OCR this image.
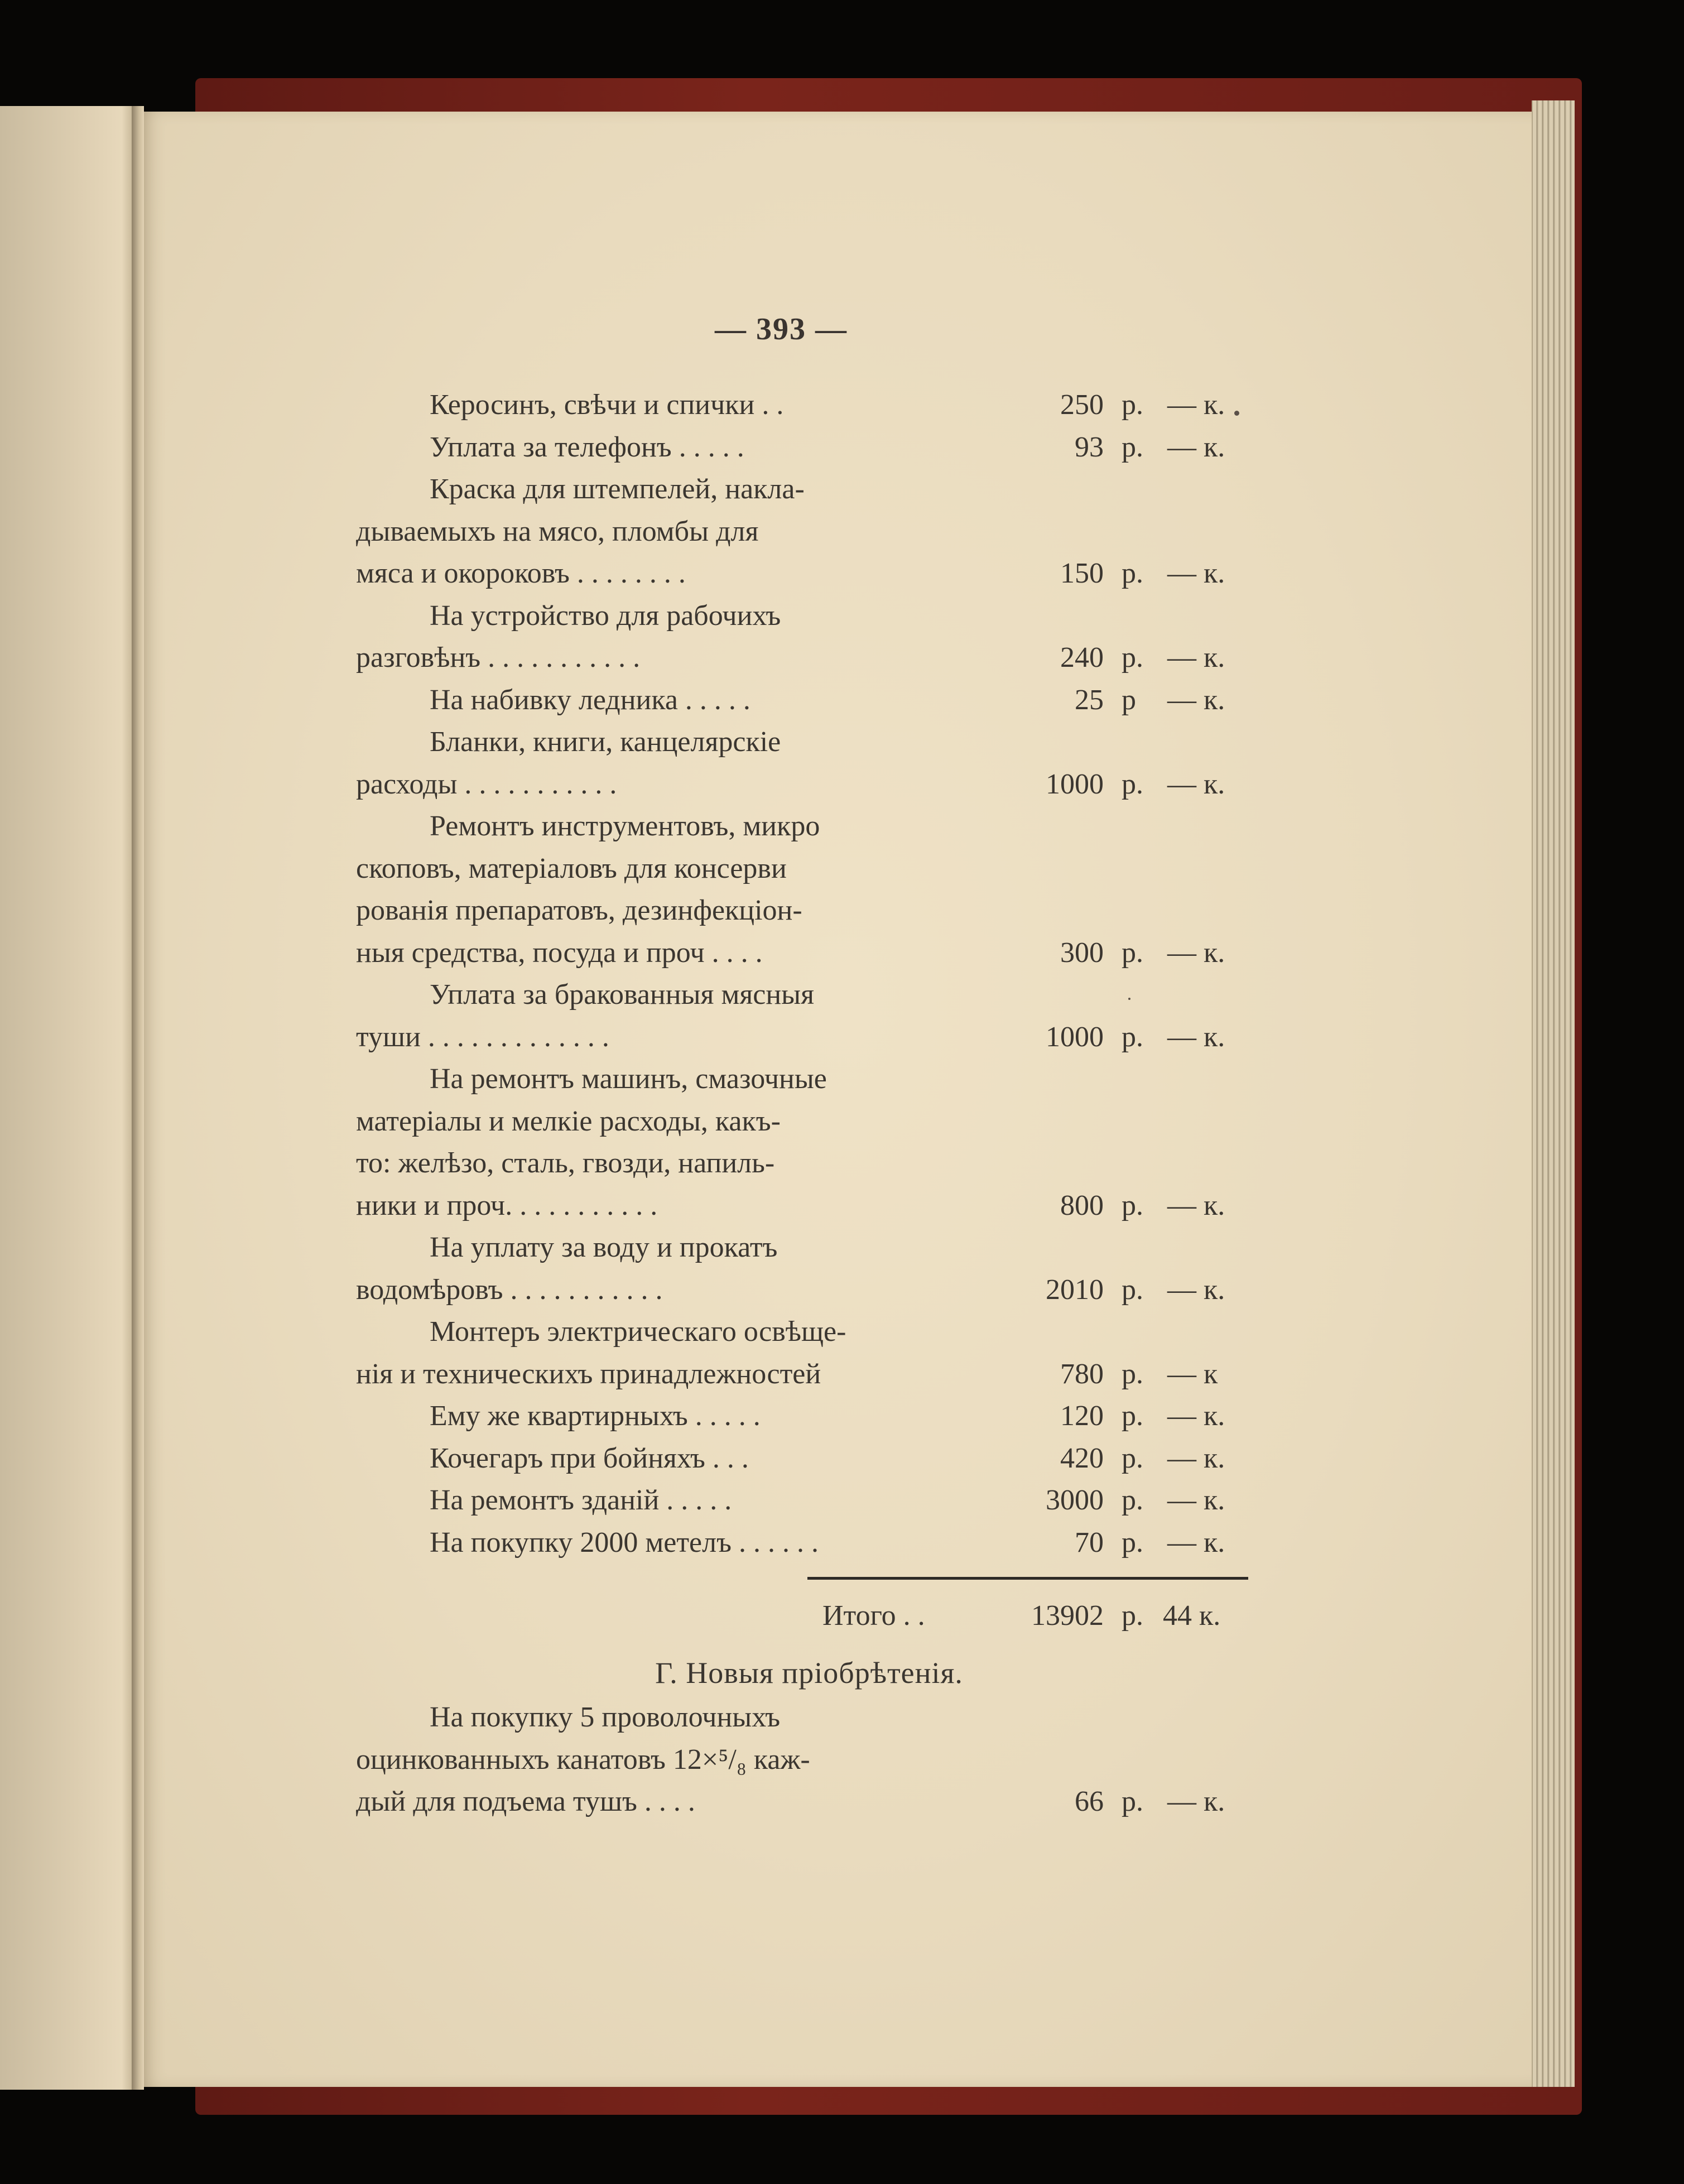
— 393 —
Керосинъ, свѣчи и спички . .	250 р. — к.
Уплата за телефонъ . . . . .	93 р. — к.
Краска для штемпелей, накла-
дываемыхъ на мясо, пломбы для
мяса и окороковъ . . . . . . . .	150 р. — к.
На устройство для рабочихъ
разговѣнъ . . . . . . . . . . .	240 р. — к.
На набивку ледника . . . . .	25 р — к.
Бланки, книги, канцелярскіе
расходы . . . . . . . . . . .	1000 р. — к.
Ремонтъ инструментовъ, микро
скоповъ, матеріаловъ для консерви
рованія препаратовъ, дезинфекціон-
ныя средства, посуда и проч . . . .	300 р. — к.
Уплата за бракованныя мясныя
туши . . . . . . . . . . . . .	1000 р. — к.
На ремонтъ машинъ, смазочные
матеріалы и мелкіе расходы, какъ-
то: желѣзо, сталь, гвозди, напиль-
ники и проч. . . . . . . . . . .	800 р. — к.
На уплату за воду и прокатъ
водомѣровъ . . . . . . . . . . .	2010 р. — к.
Монтеръ электрическаго освѣще-
нія и техническихъ принадлежностей	780 р. — к
Ему же квартирныхъ . . . . .	120 р. — к.
Кочегаръ при бойняхъ . . .	420 р. — к.
На ремонтъ зданій . . . . .	3000 р. — к.
На покупку 2000 метелъ . . . . . .	70 р. — к.
Итого . .	13902 р. 44 к.
Г. Новыя пріобрѣтенія.
На покупку 5 проволочныхъ
оцинкованныхъ канатовъ 12×⁵/₈ каж-
дый для подъема тушъ . . . .	66 р. — к.
